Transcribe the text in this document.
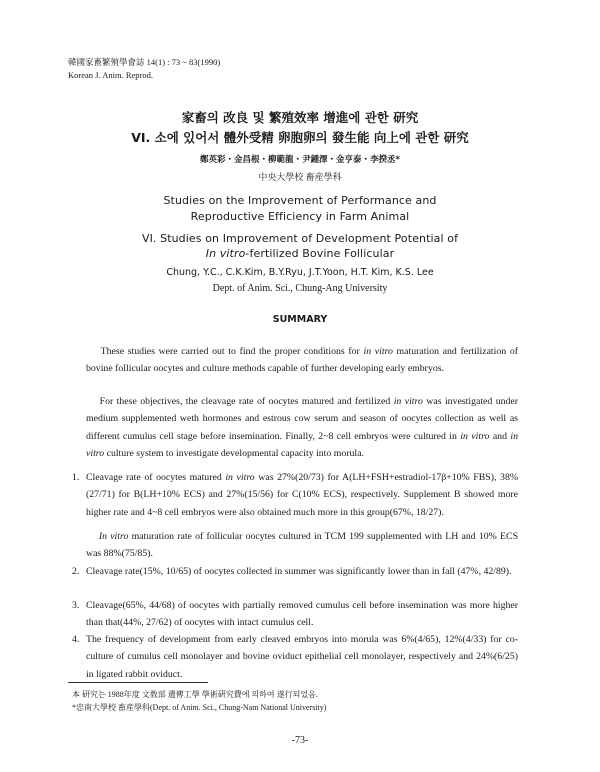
韓國家畜繁殖學會誌 14(1) : 73 ~ 83(1990)
Korean J. Anim. Reprod.
家畜의 改良 및 繁殖效率 增進에 관한 研究
VI. 소에 있어서 體外受精 卵胞卵의 發生能 向上에 관한 研究
鄭英彩・金昌根・柳範龍・尹鍾澤・金亨泰・李揆丞*
中央大學校 畜産學科
Studies on the Improvement of Performance and
Reproductive Efficiency in Farm Animal
VI. Studies on Improvement of Development Potential of
In vitro-fertilized Bovine Follicular
Chung, Y.C., C.K.Kim, B.Y.Ryu, J.T.Yoon, H.T. Kim, K.S. Lee
Dept. of Anim. Sci., Chung-Ang University
SUMMARY
These studies were carried out to find the proper conditions for in vitro maturation and fertilization of bovine follicular oocytes and culture methods capable of further developing early embryos.
For these objectives, the cleavage rate of oocytes matured and fertilized in vitro was investigated under medium supplemented weth hormones and estrous cow serum and season of oocytes collection as well as different cumulus cell stage before insemination. Finally, 2~8 cell embryos were cultured in in vitro and in vitro culture system to investigate developmental capacity into morula.
1. Cleavage rate of oocytes matured in vitro was 27%(20/73) for A(LH+FSH+estradiol-17β+10% FBS), 38%(27/71) for B(LH+10% ECS) and 27%(15/56) for C(10% ECS), respectively. Supplement B showed more higher rate and 4~8 cell embryos were also obtained much more in this group(67%, 18/27).
In vitro maturation rate of follicular oocytes cultured in TCM 199 supplemented with LH and 10% ECS was 88%(75/85).
2. Cleavage rate(15%, 10/65) of oocytes collected in summer was significantly lower than in fall (47%, 42/89).
3. Cleavage(65%, 44/68) of oocytes with partially removed cumulus cell before insemination was more higher than that(44%, 27/62) of oocytes with intact cumulus cell.
4. The frequency of development from early cleaved embryos into morula was 6%(4/65), 12%(4/33) for co-culture of cumulus cell monolayer and bovine oviduct epithelial cell monolayer, respectively and 24%(6/25) in ligated rabbit oviduct.
本 研究는 1988年度 文敎部 遺傳工學 學術硏究費에 의하여 遂行되었음.
*忠南大學校 畜産學科(Dept. of Anim. Sci., Chung-Nam National University)
-73-
